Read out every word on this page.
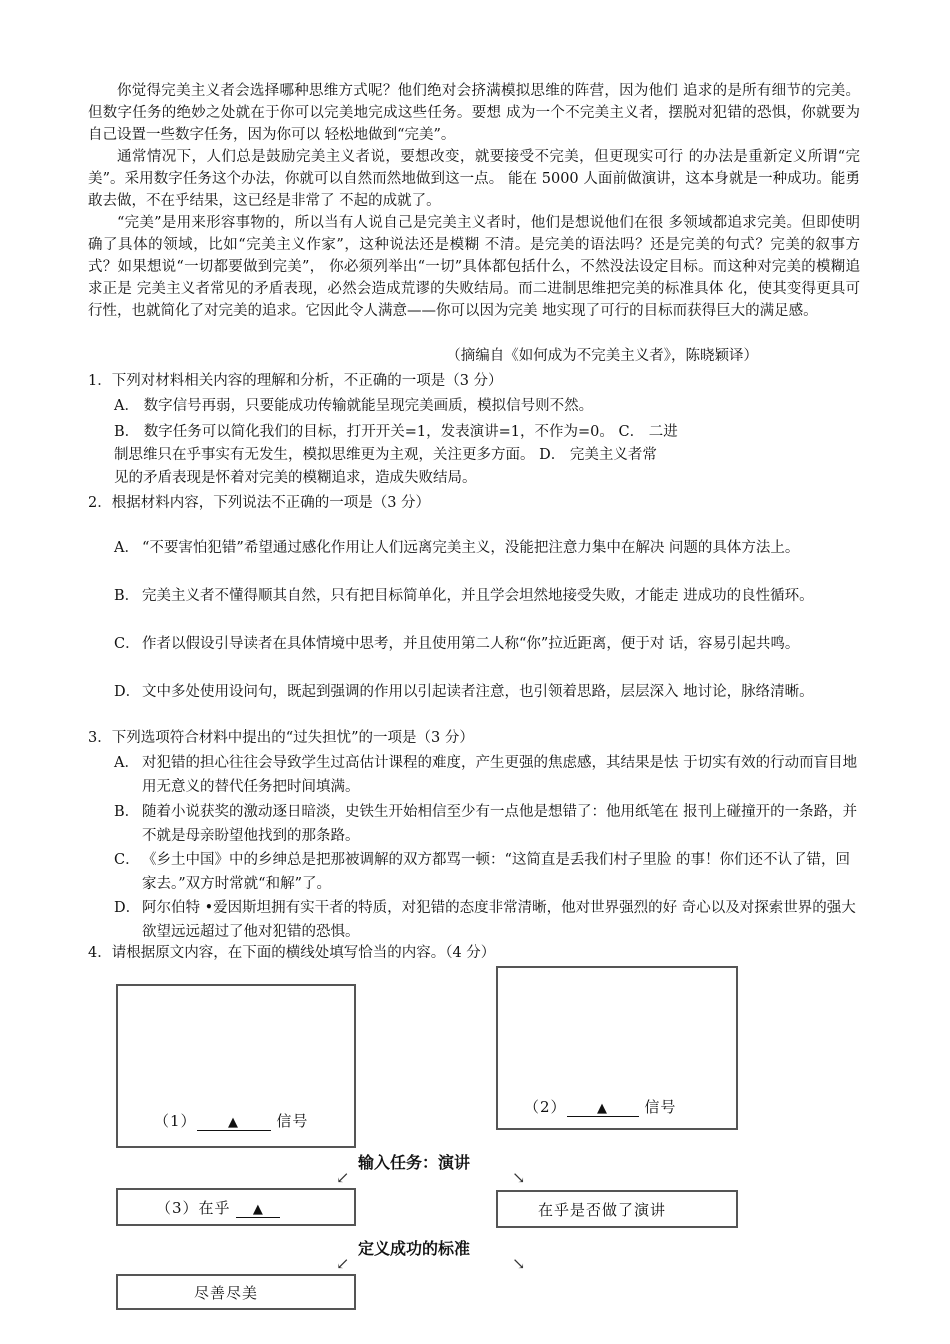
你觉得完美主义者会选择哪种思维方式呢？他们绝对会挤满模拟思维的阵营，因为他们 追求的是所有细节的完美。但数字任务的绝妙之处就在于你可以完美地完成这些任务。要想 成为一个不完美主义者，摆脱对犯错的恐惧，你就要为自己设置一些数字任务，因为你可以 轻松地做到“完美”。

通常情况下，人们总是鼓励完美主义者说，要想改变，就要接受不完美，但更现实可行 的办法是重新定义所谓“完美”。采用数字任务这个办法，你就可以自然而然地做到这一点。 能在 5000 人面前做演讲，这本身就是一种成功。能勇敢去做，不在乎结果，这已经是非常了 不起的成就了。

“完美”是用来形容事物的，所以当有人说自己是完美主义者时，他们是想说他们在很 多领域都追求完美。但即使明确了具体的领域，比如“完美主义作家”，这种说法还是模糊 不清。是完美的语法吗？还是完美的句式？完美的叙事方式？如果想说“一切都要做到完美”， 你必须列举出“一切”具体都包括什么，不然没法设定目标。而这种对完美的模糊追求正是 完美主义者常见的矛盾表现，必然会造成荒谬的失败结局。而二进制思维把完美的标准具体 化，使其变得更具可行性，也就简化了对完美的追求。它因此令人满意——你可以因为完美 地实现了可行的目标而获得巨大的满足感。

（摘编自《如何成为不完美主义者》，陈晓颖译）

1．下列对材料相关内容的理解和分析，不正确的一项是（3 分）

A． 数字信号再弱，只要能成功传输就能呈现完美画质，模拟信号则不然。

B． 数字任务可以简化我们的目标，打开开关=1，发表演讲=1，不作为=0。 C． 二进

制思维只在乎事实有无发生，模拟思维更为主观，关注更多方面。 D． 完美主义者常

见的矛盾表现是怀着对完美的模糊追求，造成失败结局。

2．根据材料内容，下列说法不正确的一项是（3 分）

A． “不要害怕犯错”希望通过感化作用让人们远离完美主义，没能把注意力集中在解决 问题的具体方法上。
B． 完美主义者不懂得顺其自然，只有把目标简单化，并且学会坦然地接受失败，才能走 进成功的良性循环。
C． 作者以假设引导读者在具体情境中思考，并且使用第二人称“你”拉近距离，便于对 话，容易引起共鸣。
D． 文中多处使用设问句，既起到强调的作用以引起读者注意，也引领着思路，层层深入 地讨论，脉络清晰。

3．下列选项符合材料中提出的“过失担忧”的一项是（3 分）

A． 对犯错的担心往往会导致学生过高估计课程的难度，产生更强的焦虑感，其结果是怯 于切实有效的行动而盲目地用无意义的替代任务把时间填满。
B． 随着小说获奖的激动逐日暗淡，史铁生开始相信至少有一点他是想错了：他用纸笔在 报刊上碰撞开的一条路，并不就是母亲盼望他找到的那条路。
C． 《乡土中国》中的乡绅总是把那被调解的双方都骂一顿：“这简直是丢我们村子里脸 的事！你们还不认了错，回家去。”双方时常就“和解”了。
D． 阿尔伯特 •爱因斯坦拥有实干者的特质，对犯错的态度非常清晰，他对世界强烈的好 奇心以及对探索世界的强大欲望远远超过了他对犯错的恐惧。

4．请根据原文内容，在下面的横线处填写恰当的内容。（4 分）

（1） ▲ 信号
（2） ▲ 信号
输入任务：演讲
↙	↘
（3）在乎 ▲	在乎是否做了演讲
定义成功的标准
↙	↘
尽善尽美
